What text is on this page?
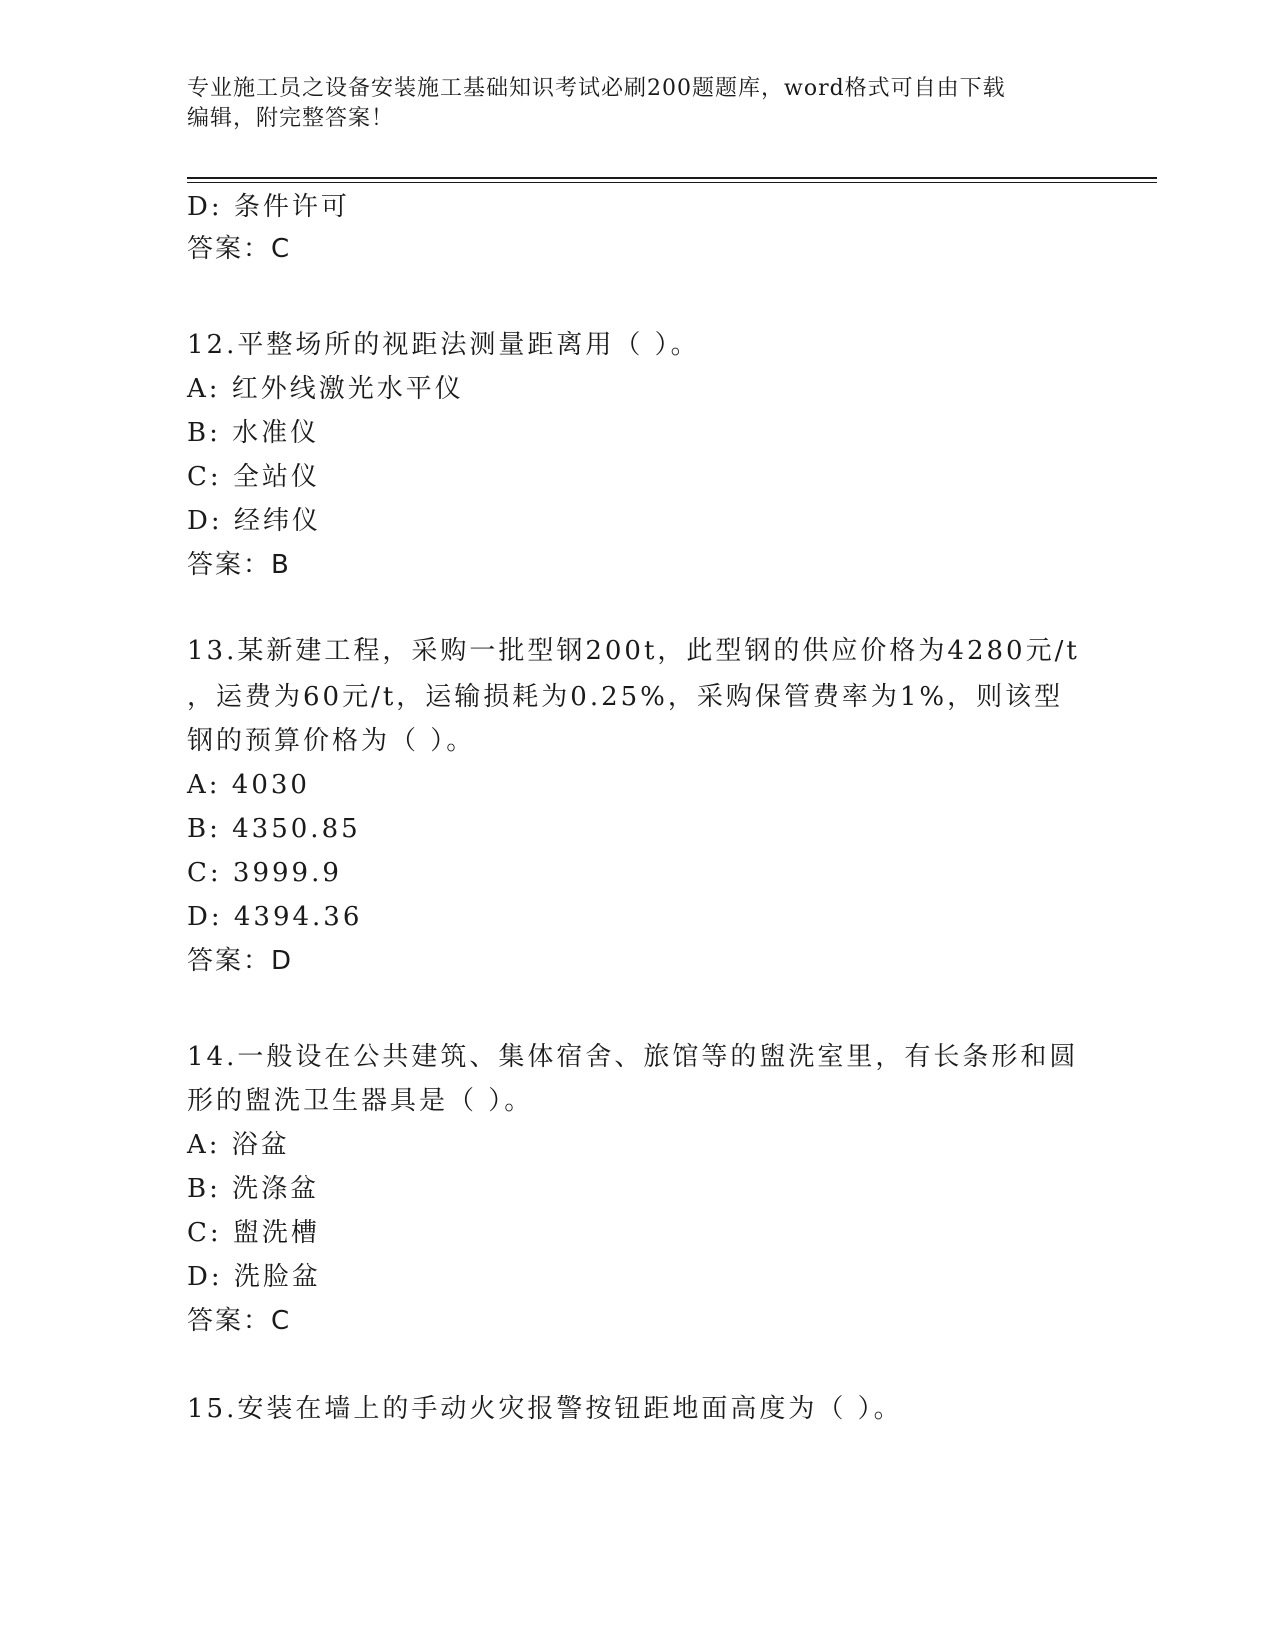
专业施工员之设备安装施工基础知识考试必刷200题题库，word格式可自由下载
编辑，附完整答案！
D: 条件许可
答案：C
12.平整场所的视距法测量距离用（ ）。
A: 红外线激光水平仪
B: 水准仪
C: 全站仪
D: 经纬仪
答案：B
13.某新建工程，采购一批型钢200t，此型钢的供应价格为4280元/t
，运费为60元/t，运输损耗为0.25%，采购保管费率为1%，则该型
钢的预算价格为（ ）。
A: 4030
B: 4350.85
C: 3999.9
D: 4394.36
答案：D
14.一般设在公共建筑、集体宿舍、旅馆等的盥洗室里，有长条形和圆
形的盥洗卫生器具是（ ）。
A: 浴盆
B: 洗涤盆
C: 盥洗槽
D: 洗脸盆
答案：C
15.安装在墙上的手动火灾报警按钮距地面高度为（ ）。
